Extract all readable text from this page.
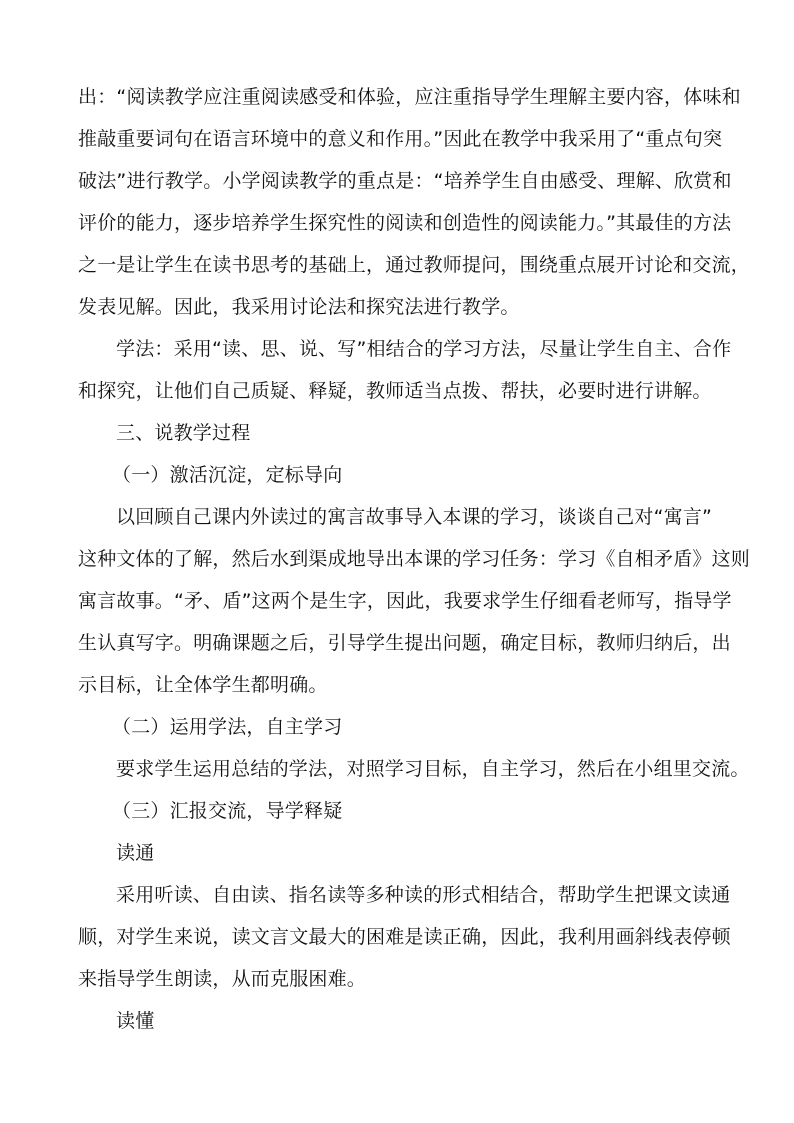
出：“阅读教学应注重阅读感受和体验，应注重指导学生理解主要内容，体味和
推敲重要词句在语言环境中的意义和作用。”因此在教学中我采用了“重点句突
破法”进行教学。小学阅读教学的重点是：“培养学生自由感受、理解、欣赏和
评价的能力，逐步培养学生探究性的阅读和创造性的阅读能力。”其最佳的方法
之一是让学生在读书思考的基础上，通过教师提问，围绕重点展开讨论和交流，
发表见解。因此，我采用讨论法和探究法进行教学。
学法：采用“读、思、说、写”相结合的学习方法，尽量让学生自主、合作
和探究，让他们自己质疑、释疑，教师适当点拨、帮扶，必要时进行讲解。
三、说教学过程
（一）激活沉淀，定标导向
以回顾自己课内外读过的寓言故事导入本课的学习，谈谈自己对“寓言”
这种文体的了解，然后水到渠成地导出本课的学习任务：学习《自相矛盾》这则
寓言故事。“矛、盾”这两个是生字，因此，我要求学生仔细看老师写，指导学
生认真写字。明确课题之后，引导学生提出问题，确定目标，教师归纳后，出
示目标，让全体学生都明确。
（二）运用学法，自主学习
要求学生运用总结的学法，对照学习目标，自主学习，然后在小组里交流。
（三）汇报交流，导学释疑
读通
采用听读、自由读、指名读等多种读的形式相结合，帮助学生把课文读通
顺，对学生来说，读文言文最大的困难是读正确，因此，我利用画斜线表停顿
来指导学生朗读，从而克服困难。
读懂
